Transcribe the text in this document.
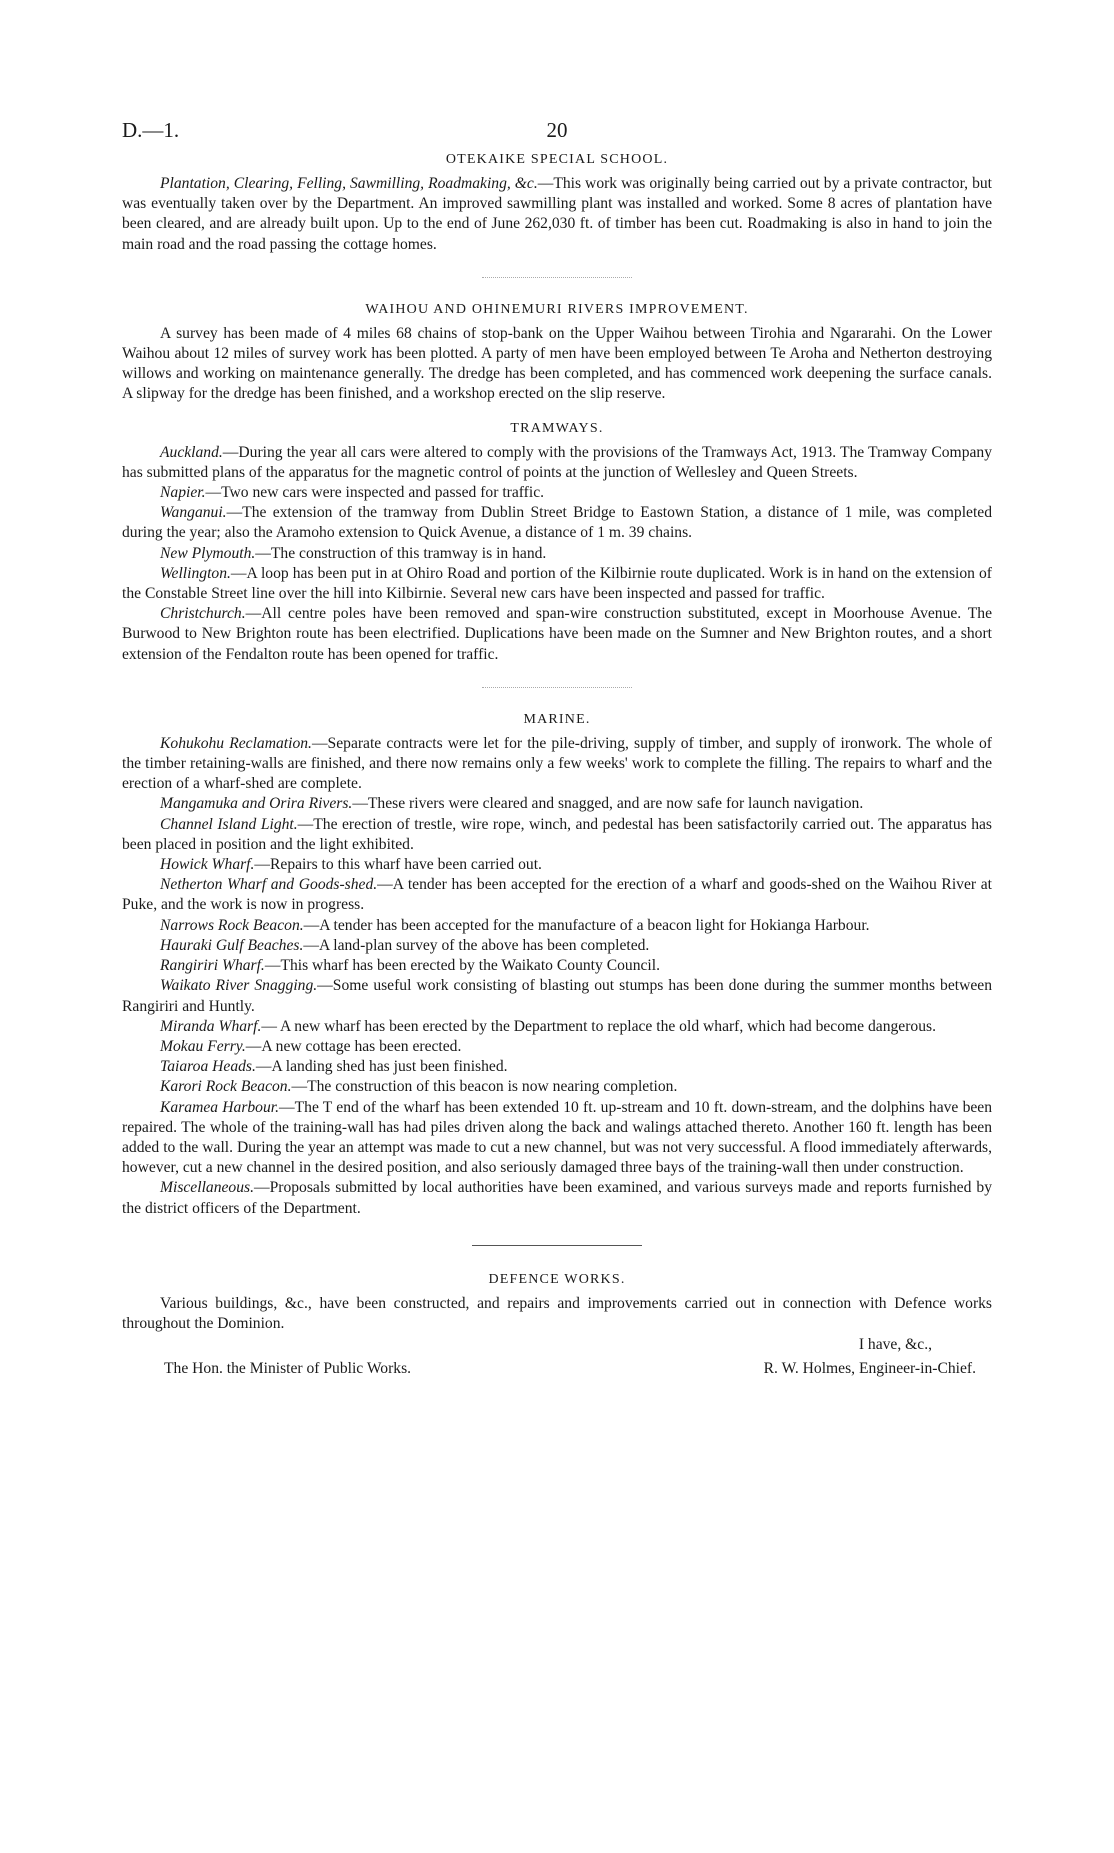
D.—1.	20
OTEKAIKE SPECIAL SCHOOL.

Plantation, Clearing, Felling, Sawmilling, Roadmaking, &c.—This work was originally being carried out by a private contractor, but was eventually taken over by the Department. An improved sawmilling plant was installed and worked. Some 8 acres of plantation have been cleared, and are already built upon. Up to the end of June 262,030 ft. of timber has been cut. Roadmaking is also in hand to join the main road and the road passing the cottage homes.

WAIHOU AND OHINEMURI RIVERS IMPROVEMENT.

A survey has been made of 4 miles 68 chains of stop-bank on the Upper Waihou between Tirohia and Ngararahi. On the Lower Waihou about 12 miles of survey work has been plotted. A party of men have been employed between Te Aroha and Netherton destroying willows and working on maintenance generally. The dredge has been completed, and has commenced work deepening the surface canals. A slipway for the dredge has been finished, and a workshop erected on the slip reserve.

TRAMWAYS.

Auckland.—During the year all cars were altered to comply with the provisions of the Tramways Act, 1913. The Tramway Company has submitted plans of the apparatus for the magnetic control of points at the junction of Wellesley and Queen Streets.

Napier.—Two new cars were inspected and passed for traffic.

Wanganui.—The extension of the tramway from Dublin Street Bridge to Eastown Station, a distance of 1 mile, was completed during the year; also the Aramoho extension to Quick Avenue, a distance of 1 m. 39 chains.

New Plymouth.—The construction of this tramway is in hand.

Wellington.—A loop has been put in at Ohiro Road and portion of the Kilbirnie route duplicated. Work is in hand on the extension of the Constable Street line over the hill into Kilbirnie. Several new cars have been inspected and passed for traffic.

Christchurch.—All centre poles have been removed and span-wire construction substituted, except in Moorhouse Avenue. The Burwood to New Brighton route has been electrified. Duplications have been made on the Sumner and New Brighton routes, and a short extension of the Fendalton route has been opened for traffic.

MARINE.

Kohukohu Reclamation.—Separate contracts were let for the pile-driving, supply of timber, and supply of ironwork. The whole of the timber retaining-walls are finished, and there now remains only a few weeks' work to complete the filling. The repairs to wharf and the erection of a wharf-shed are complete.

Mangamuka and Orira Rivers.—These rivers were cleared and snagged, and are now safe for launch navigation.

Channel Island Light.—The erection of trestle, wire rope, winch, and pedestal has been satisfactorily carried out. The apparatus has been placed in position and the light exhibited.

Howick Wharf.—Repairs to this wharf have been carried out.

Netherton Wharf and Goods-shed.—A tender has been accepted for the erection of a wharf and goods-shed on the Waihou River at Puke, and the work is now in progress.

Narrows Rock Beacon.—A tender has been accepted for the manufacture of a beacon light for Hokianga Harbour.

Hauraki Gulf Beaches.—A land-plan survey of the above has been completed.

Rangiriri Wharf.—This wharf has been erected by the Waikato County Council.

Waikato River Snagging.—Some useful work consisting of blasting out stumps has been done during the summer months between Rangiriri and Huntly.

Miranda Wharf.— A new wharf has been erected by the Department to replace the old wharf, which had become dangerous.

Mokau Ferry.—A new cottage has been erected.

Taiaroa Heads.—A landing shed has just been finished.

Karori Rock Beacon.—The construction of this beacon is now nearing completion.

Karamea Harbour.—The T end of the wharf has been extended 10 ft. up-stream and 10 ft. down-stream, and the dolphins have been repaired. The whole of the training-wall has had piles driven along the back and walings attached thereto. Another 160 ft. length has been added to the wall. During the year an attempt was made to cut a new channel, but was not very successful. A flood immediately afterwards, however, cut a new channel in the desired position, and also seriously damaged three bays of the training-wall then under construction.

Miscellaneous.—Proposals submitted by local authorities have been examined, and various surveys made and reports furnished by the district officers of the Department.

DEFENCE WORKS.

Various buildings, &c., have been constructed, and repairs and improvements carried out in connection with Defence works throughout the Dominion.

I have, &c.,
The Hon. the Minister of Public Works.	R. W. Holmes, Engineer-in-Chief.
